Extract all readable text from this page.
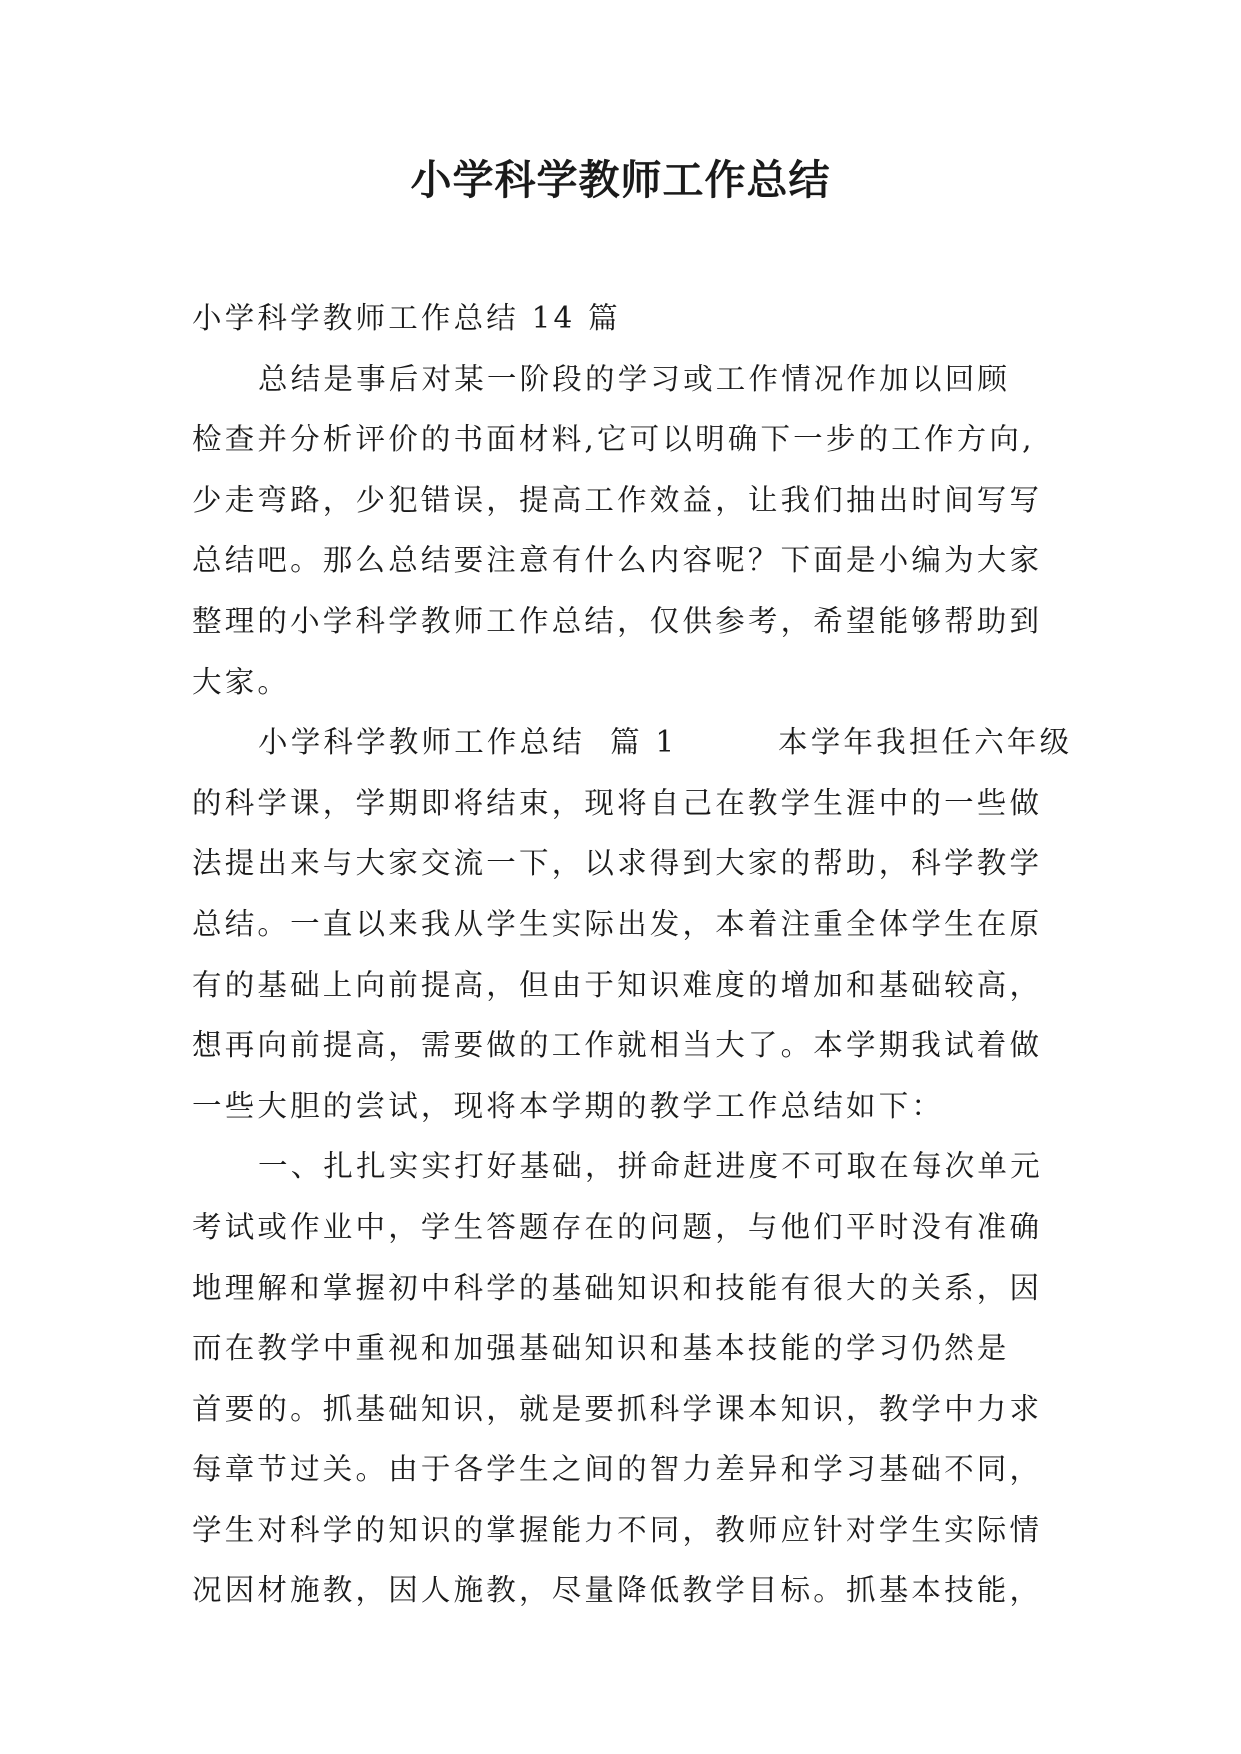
小学科学教师工作总结
小学科学教师工作总结 14 篇
总结是事后对某一阶段的学习或工作情况作加以回顾
检查并分析评价的书面材料,它可以明确下一步的工作方向,
少走弯路，少犯错误，提高工作效益，让我们抽出时间写写
总结吧。那么总结要注意有什么内容呢？下面是小编为大家
整理的小学科学教师工作总结，仅供参考，希望能够帮助到
大家。
小学科学教师工作总结  篇 1        本学年我担任六年级
的科学课，学期即将结束，现将自己在教学生涯中的一些做
法提出来与大家交流一下，以求得到大家的帮助，科学教学
总结。一直以来我从学生实际出发，本着注重全体学生在原
有的基础上向前提高，但由于知识难度的增加和基础较高，
想再向前提高，需要做的工作就相当大了。本学期我试着做
一些大胆的尝试，现将本学期的教学工作总结如下：
一、扎扎实实打好基础，拼命赶进度不可取在每次单元
考试或作业中，学生答题存在的问题，与他们平时没有准确
地理解和掌握初中科学的基础知识和技能有很大的关系，因
而在教学中重视和加强基础知识和基本技能的学习仍然是
首要的。抓基础知识，就是要抓科学课本知识，教学中力求
每章节过关。由于各学生之间的智力差异和学习基础不同，
学生对科学的知识的掌握能力不同，教师应针对学生实际情
况因材施教，因人施教，尽量降低教学目标。抓基本技能，
